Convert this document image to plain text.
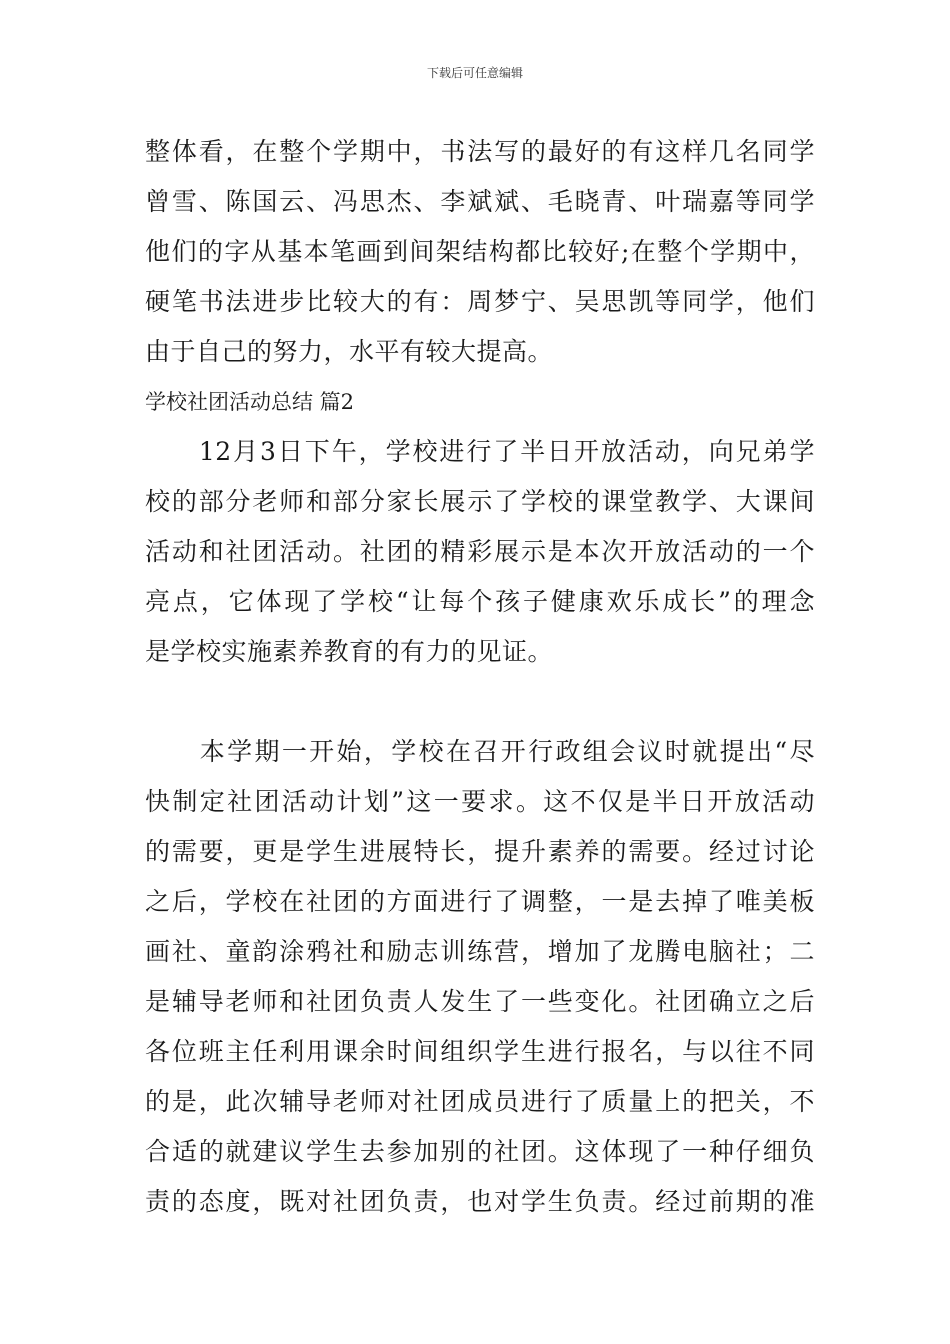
下载后可任意编辑
整体看，在整个学期中，书法写的最好的有这样几名同学
曾雪、陈国云、冯思杰、李斌斌、毛晓青、叶瑞嘉等同学
他们的字从基本笔画到间架结构都比较好;在整个学期中，
硬笔书法进步比较大的有：周梦宁、吴思凯等同学，他们
由于自己的努力，水平有较大提高。
学校社团活动总结 篇2
　　12月3日下午，学校进行了半日开放活动，向兄弟学
校的部分老师和部分家长展示了学校的课堂教学、大课间
活动和社团活动。社团的精彩展示是本次开放活动的一个
亮点，它体现了学校“让每个孩子健康欢乐成长”的理念
是学校实施素养教育的有力的见证。
　　本学期一开始，学校在召开行政组会议时就提出“尽
快制定社团活动计划”这一要求。这不仅是半日开放活动
的需要，更是学生进展特长，提升素养的需要。经过讨论
之后，学校在社团的方面进行了调整，一是去掉了唯美板
画社、童韵涂鸦社和励志训练营，增加了龙腾电脑社；二
是辅导老师和社团负责人发生了一些变化。社团确立之后
各位班主任利用课余时间组织学生进行报名，与以往不同
的是，此次辅导老师对社团成员进行了质量上的把关，不
合适的就建议学生去参加别的社团。这体现了一种仔细负
责的态度，既对社团负责，也对学生负责。经过前期的准
